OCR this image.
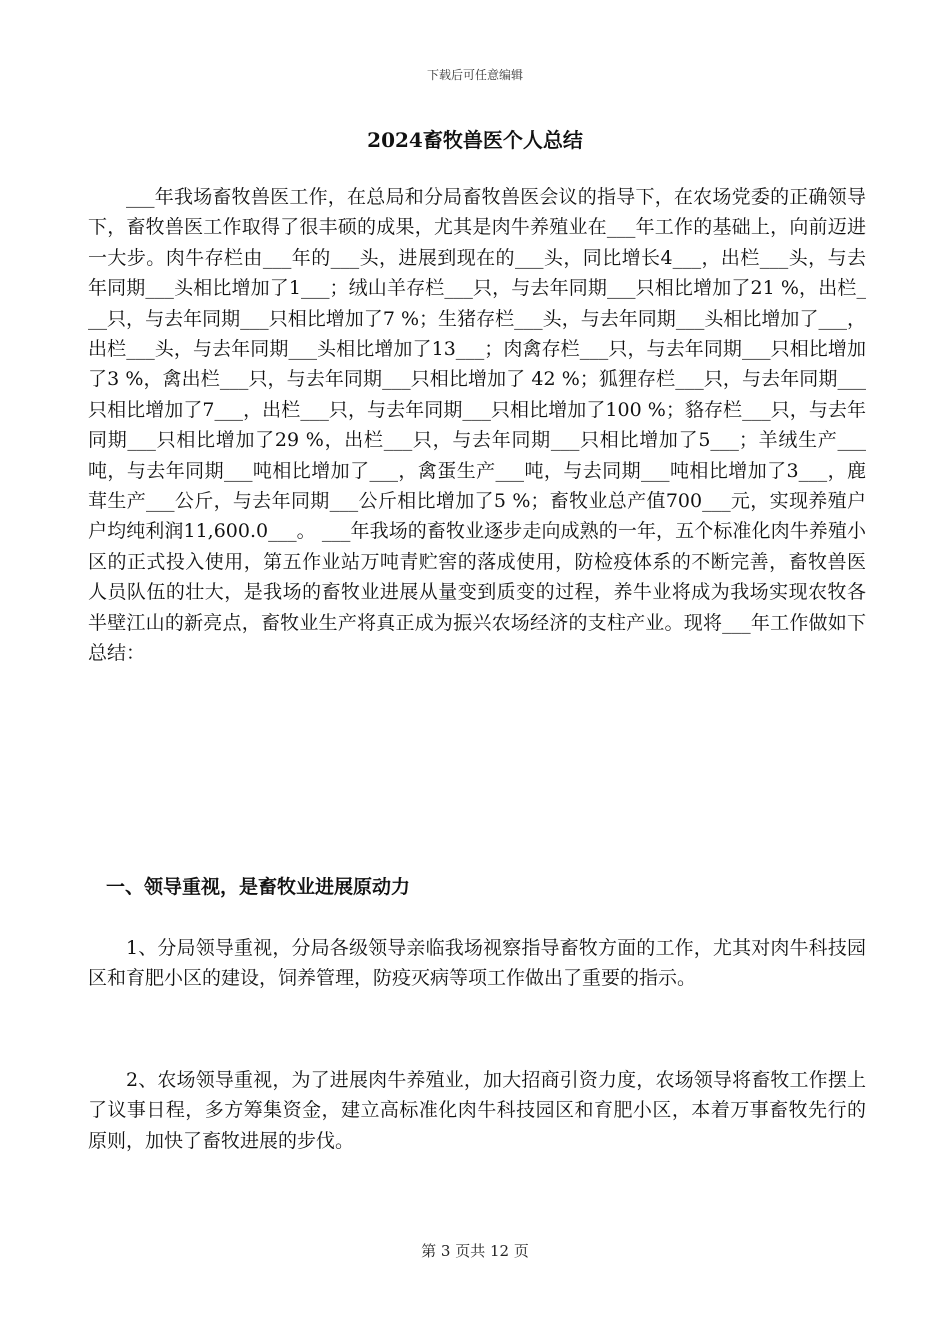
下载后可任意编辑
2024畜牧兽医个人总结

___年我场畜牧兽医工作，在总局和分局畜牧兽医会议的指导下，在农场党委的正确领导下，畜牧兽医工作取得了很丰硕的成果，尤其是肉牛养殖业在___年工作的基础上，向前迈进一大步。肉牛存栏由___年的___头，进展到现在的___头，同比增长4___，出栏___头，与去年同期___头相比增加了1___；绒山羊存栏___只，与去年同期___只相比增加了21 %，出栏___只，与去年同期___只相比增加了7 %；生猪存栏___头，与去年同期___头相比增加了___，出栏___头，与去年同期___头相比增加了13___；肉禽存栏___只，与去年同期___只相比增加了3 %，禽出栏___只，与去年同期___只相比增加了 42 %；狐狸存栏___只，与去年同期___只相比增加了7___，出栏___只，与去年同期___只相比增加了100 %；貉存栏___只，与去年同期___只相比增加了29 %，出栏___只，与去年同期___只相比增加了5___；羊绒生产___吨，与去年同期___吨相比增加了___，禽蛋生产___吨，与去同期___吨相比增加了3___，鹿茸生产___公斤，与去年同期___公斤相比增加了5 %；畜牧业总产值700___元，实现养殖户户均纯利润11,600.0___。 ___年我场的畜牧业逐步走向成熟的一年，五个标准化肉牛养殖小区的正式投入使用，第五作业站万吨青贮窖的落成使用，防检疫体系的不断完善，畜牧兽医人员队伍的壮大，是我场的畜牧业进展从量变到质变的过程，养牛业将成为我场实现农牧各半壁江山的新亮点，畜牧业生产将真正成为振兴农场经济的支柱产业。现将___年工作做如下总结：

一、领导重视，是畜牧业进展原动力

1、分局领导重视，分局各级领导亲临我场视察指导畜牧方面的工作，尤其对肉牛科技园区和育肥小区的建设，饲养管理，防疫灭病等项工作做出了重要的指示。

2、农场领导重视，为了进展肉牛养殖业，加大招商引资力度，农场领导将畜牧工作摆上了议事日程，多方筹集资金，建立高标准化肉牛科技园区和育肥小区，本着万事畜牧先行的原则，加快了畜牧进展的步伐。

第 3 页共 12 页
